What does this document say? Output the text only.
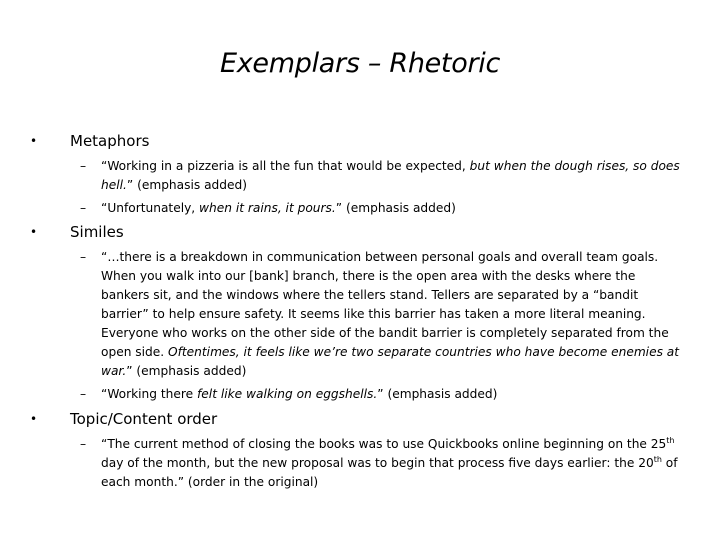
Exemplars – Rhetoric
• Metaphors
– “Working in a pizzeria is all the fun that would be expected, but when the dough rises, so does hell.” (emphasis added)
– “Unfortunately, when it rains, it pours.” (emphasis added)
• Similes
– “…there is a breakdown in communication between personal goals and overall team goals. When you walk into our [bank] branch, there is the open area with the desks where the bankers sit, and the windows where the tellers stand. Tellers are separated by a “bandit barrier” to help ensure safety. It seems like this barrier has taken a more literal meaning. Everyone who works on the other side of the bandit barrier is completely separated from the open side. Oftentimes, it feels like we’re two separate countries who have become enemies at war.” (emphasis added)
– “Working there felt like walking on eggshells.” (emphasis added)
• Topic/Content order
– “The current method of closing the books was to use Quickbooks online beginning on the 25th day of the month, but the new proposal was to begin that process five days earlier: the 20th of each month.” (order in the original)
